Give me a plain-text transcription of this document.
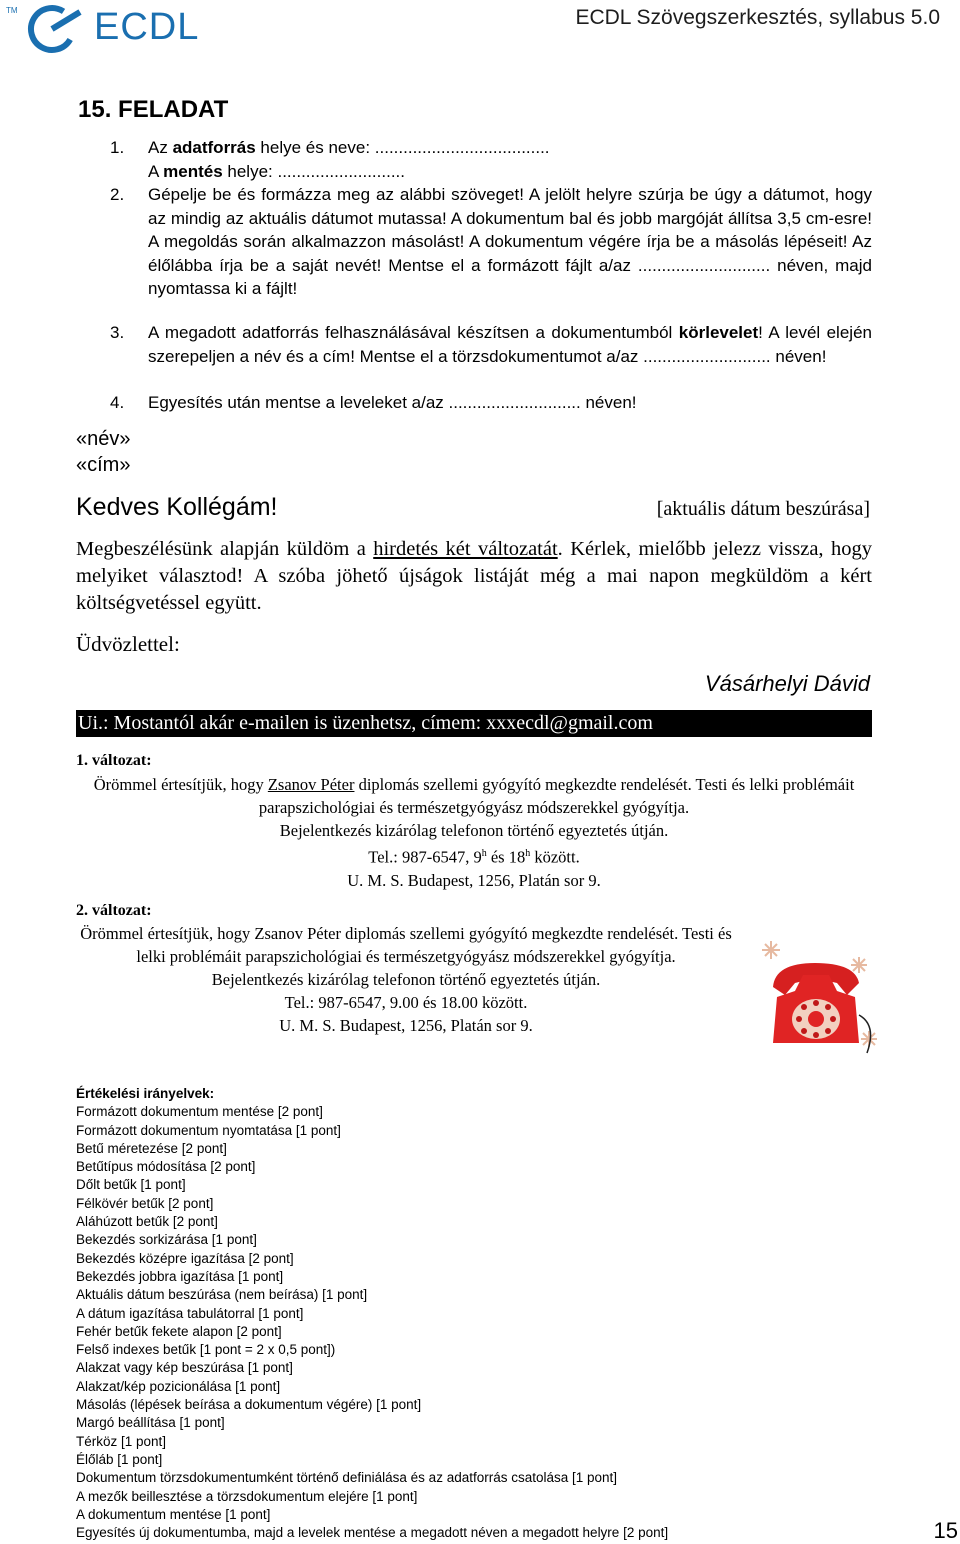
TM ECDL	ECDL Szövegszerkesztés, syllabus 5.0
15. FELADAT
1. Az adatforrás helye és neve: .....................................

A mentés helye: ...........................

2. Gépelje be és formázza meg az alábbi szöveget! A jelölt helyre szúrja be úgy a dátumot, hogy az mindig az aktuális dátumot mutassa! A dokumentum bal és jobb margóját állítsa 3,5 cm-esre! A megoldás során alkalmazzon másolást! A dokumentum végére írja be a másolás lépéseit! Az élőlábba írja be a saját nevét! Mentse el a formázott fájlt a/az ............................ néven, majd nyomtassa ki a fájlt!
3. A megadott adatforrás felhasználásával készítsen a dokumentumból körlevelet! A levél elején szerepeljen a név és a cím! Mentse el a törzsdokumentumot a/az ........................... néven!
4. Egyesítés után mentse a leveleket a/az ............................ néven!
«név»
«cím»
Kedves Kollégám!	[aktuális dátum beszúrása]
Megbeszélésünk alapján küldöm a hirdetés két változatát. Kérlek, mielőbb jelezz vissza, hogy melyiket választod! A szóba jöhető újságok listáját még a mai napon megküldöm a kért költségvetéssel együtt.
Üdvözlettel:
Vásárhelyi Dávid
Ui.: Mostantól akár e-mailen is üzenhetsz, címem: xxxecdl@gmail.com
1. változat:

Örömmel értesítjük, hogy Zsanov Péter diplomás szellemi gyógyító megkezdte rendelését. Testi és lelki problémáit parapszichológiai és természetgyógyász módszerekkel gyógyítja.

Bejelentkezés kizárólag telefonon történő egyeztetés útján.

Tel.: 987-6547, 9$^h$ és 18$^h$ között.

U. M. S. Budapest, 1256, Platán sor 9.

2. változat:

Örömmel értesítjük, hogy Zsanov Péter diplomás szellemi gyógyító megkezdte rendelését. Testi és lelki problémáit parapszichológiai és természetgyógyász módszerekkel gyógyítja.

Bejelentkezés kizárólag telefonon történő egyeztetés útján.

Tel.: 987-6547, 9.00 és 18.00 között.

U. M. S. Budapest, 1256, Platán sor 9.

Értékelési irányelvek:

Formázott dokumentum mentése [2 pont]

Formázott dokumentum nyomtatása [1 pont]

Betű méretezése [2 pont]

Betűtípus módosítása [2 pont]

Dőlt betűk [1 pont]

Félkövér betűk [2 pont]

Aláhúzott betűk [2 pont]

Bekezdés sorkizárása [1 pont]

Bekezdés középre igazítása [2 pont]

Bekezdés jobbra igazítása [1 pont]

Aktuális dátum beszúrása (nem beírása) [1 pont]

A dátum igazítása tabulátorral [1 pont]

Fehér betűk fekete alapon [2 pont]

Felső indexes betűk [1 pont = 2 x 0,5 pont])

Alakzat vagy kép beszúrása [1 pont]

Alakzat/kép pozicionálása [1 pont]

Másolás (lépések beírása a dokumentum végére) [1 pont]

Margó beállítása [1 pont]

Térköz [1 pont]

Élőláb [1 pont]

Dokumentum törzsdokumentumként történő definiálása és az adatforrás csatolása [1 pont]

A mezők beillesztése a törzsdokumentum elejére [1 pont]

A dokumentum mentése [1 pont]

Egyesítés új dokumentumba, majd a levelek mentése a megadott néven a megadott helyre [2 pont]	15
